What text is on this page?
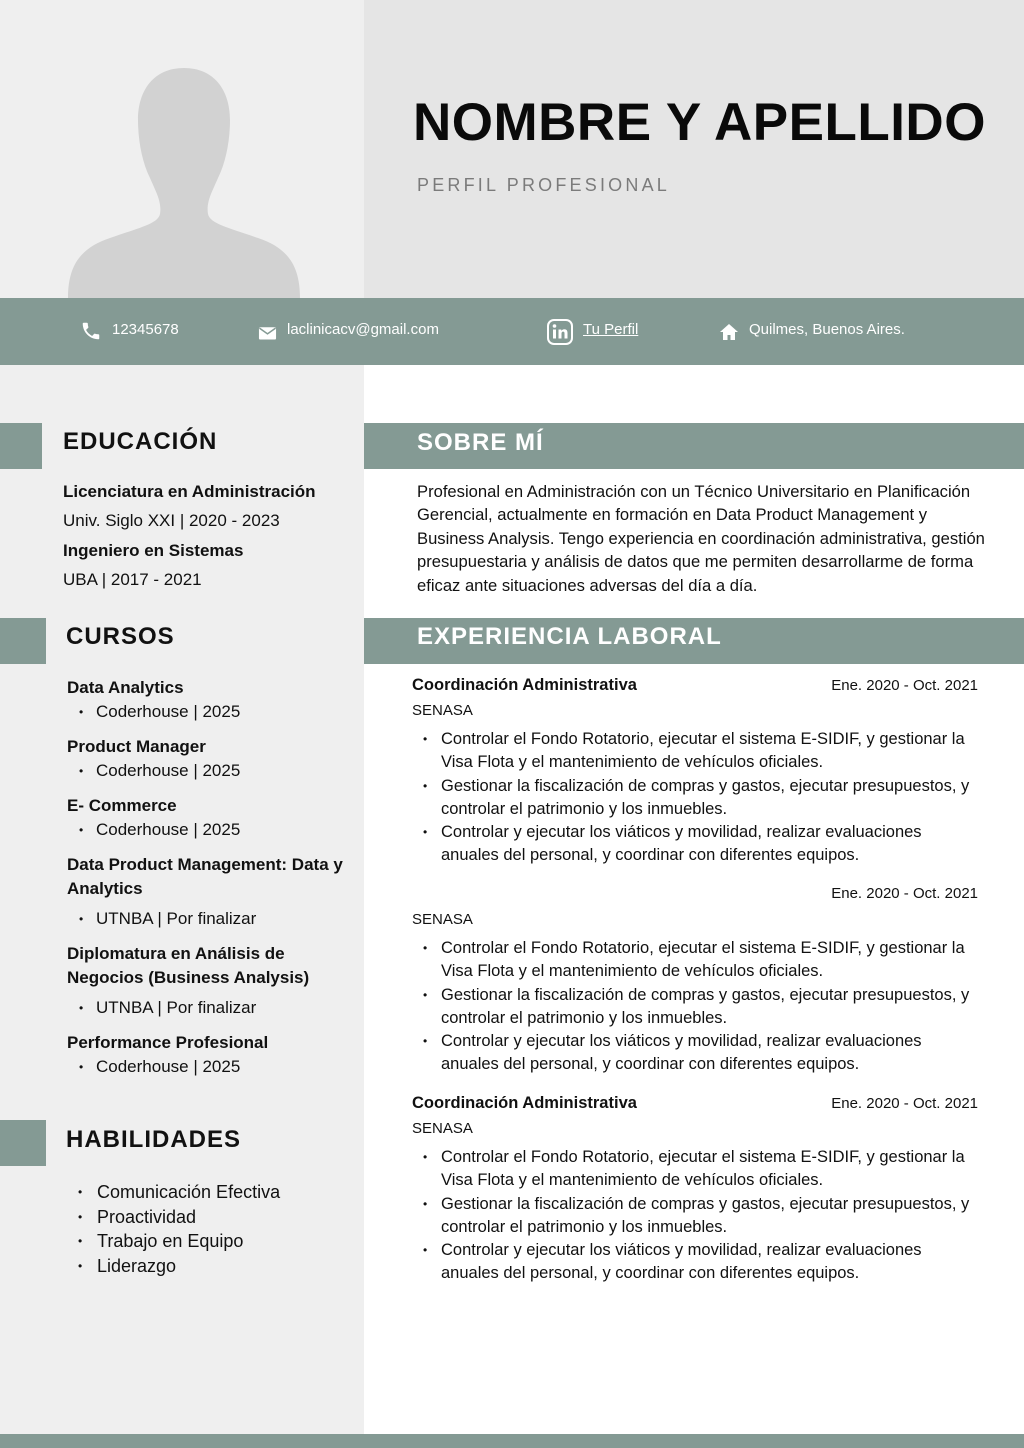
NOMBRE Y APELLIDO

PERFIL PROFESIONAL

12345678	laclinicacv@gmail.com	Tu Perfil	Quilmes, Buenos Aires.
EDUCACIÓN

Licenciatura en Administración

Univ. Siglo XXI | 2020 - 2023

Ingeniero en Sistemas

UBA | 2017 - 2021

CURSOS
Data Analytics
• Coderhouse | 2025
Product Manager
• Coderhouse | 2025
E- Commerce
• Coderhouse | 2025
Data Product Management: Data y Analytics
• UTNBA | Por finalizar
Diplomatura en Análisis de Negocios (Business Analysis)
• UTNBA | Por finalizar
Performance Profesional
• Coderhouse | 2025
HABILIDADES
• Comunicación Efectiva
• Proactividad
• Trabajo en Equipo
• Liderazgo
SOBRE MÍ

Profesional en Administración con un Técnico Universitario en Planificación Gerencial, actualmente en formación en Data Product Management y Business Analysis. Tengo experiencia en coordinación administrativa, gestión presupuestaria y análisis de datos que me permiten desarrollarme de forma eficaz ante situaciones adversas del día a día.

EXPERIENCIA LABORAL
Coordinación Administrativa	Ene. 2020 - Oct. 2021
SENASA
• Controlar el Fondo Rotatorio, ejecutar el sistema E-SIDIF, y gestionar la Visa Flota y el mantenimiento de vehículos oficiales.
• Gestionar la fiscalización de compras y gastos, ejecutar presupuestos, y controlar el patrimonio y los inmuebles.
• Controlar y ejecutar los viáticos y movilidad, realizar evaluaciones anuales del personal, y coordinar con diferentes equipos.
Ene. 2020 - Oct. 2021
SENASA
• Controlar el Fondo Rotatorio, ejecutar el sistema E-SIDIF, y gestionar la Visa Flota y el mantenimiento de vehículos oficiales.
• Gestionar la fiscalización de compras y gastos, ejecutar presupuestos, y controlar el patrimonio y los inmuebles.
• Controlar y ejecutar los viáticos y movilidad, realizar evaluaciones anuales del personal, y coordinar con diferentes equipos.
Coordinación Administrativa	Ene. 2020 - Oct. 2021
SENASA
• Controlar el Fondo Rotatorio, ejecutar el sistema E-SIDIF, y gestionar la Visa Flota y el mantenimiento de vehículos oficiales.
• Gestionar la fiscalización de compras y gastos, ejecutar presupuestos, y controlar el patrimonio y los inmuebles.
• Controlar y ejecutar los viáticos y movilidad, realizar evaluaciones anuales del personal, y coordinar con diferentes equipos.
